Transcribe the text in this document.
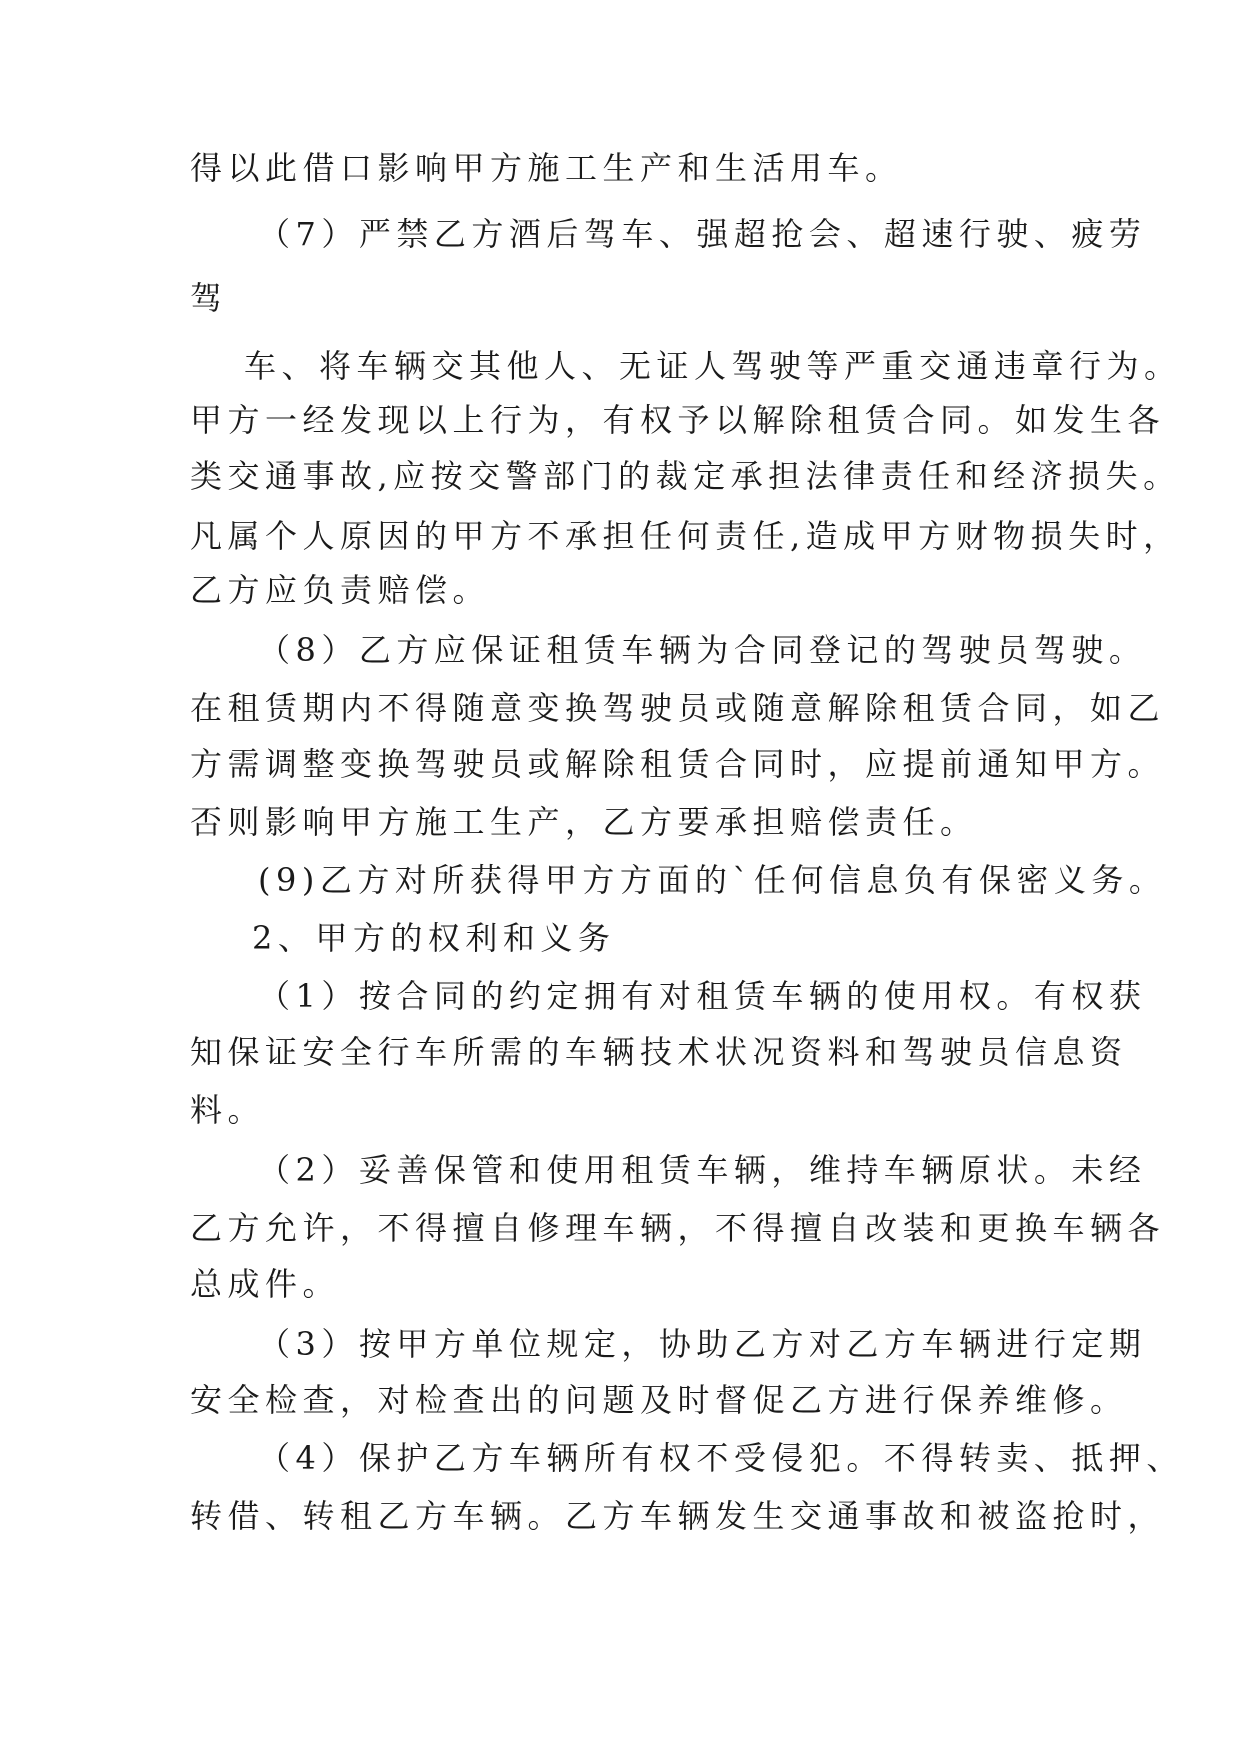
得以此借口影响甲方施工生产和生活用车。
（7）严禁乙方酒后驾车、强超抢会、超速行驶、疲劳
驾
车、将车辆交其他人、无证人驾驶等严重交通违章行为。
甲方一经发现以上行为，有权予以解除租赁合同。如发生各
类交通事故,应按交警部门的裁定承担法律责任和经济损失。
凡属个人原因的甲方不承担任何责任,造成甲方财物损失时，
乙方应负责赔偿。
（8）乙方应保证租赁车辆为合同登记的驾驶员驾驶。
在租赁期内不得随意变换驾驶员或随意解除租赁合同，如乙
方需调整变换驾驶员或解除租赁合同时，应提前通知甲方。
否则影响甲方施工生产，乙方要承担赔偿责任。
(9)乙方对所获得甲方方面的`任何信息负有保密义务。
2、甲方的权利和义务
（1）按合同的约定拥有对租赁车辆的使用权。有权获
知保证安全行车所需的车辆技术状况资料和驾驶员信息资
料。
（2）妥善保管和使用租赁车辆，维持车辆原状。未经
乙方允许，不得擅自修理车辆，不得擅自改装和更换车辆各
总成件。
（3）按甲方单位规定，协助乙方对乙方车辆进行定期
安全检查，对检查出的问题及时督促乙方进行保养维修。
（4）保护乙方车辆所有权不受侵犯。不得转卖、抵押、
转借、转租乙方车辆。乙方车辆发生交通事故和被盗抢时，
